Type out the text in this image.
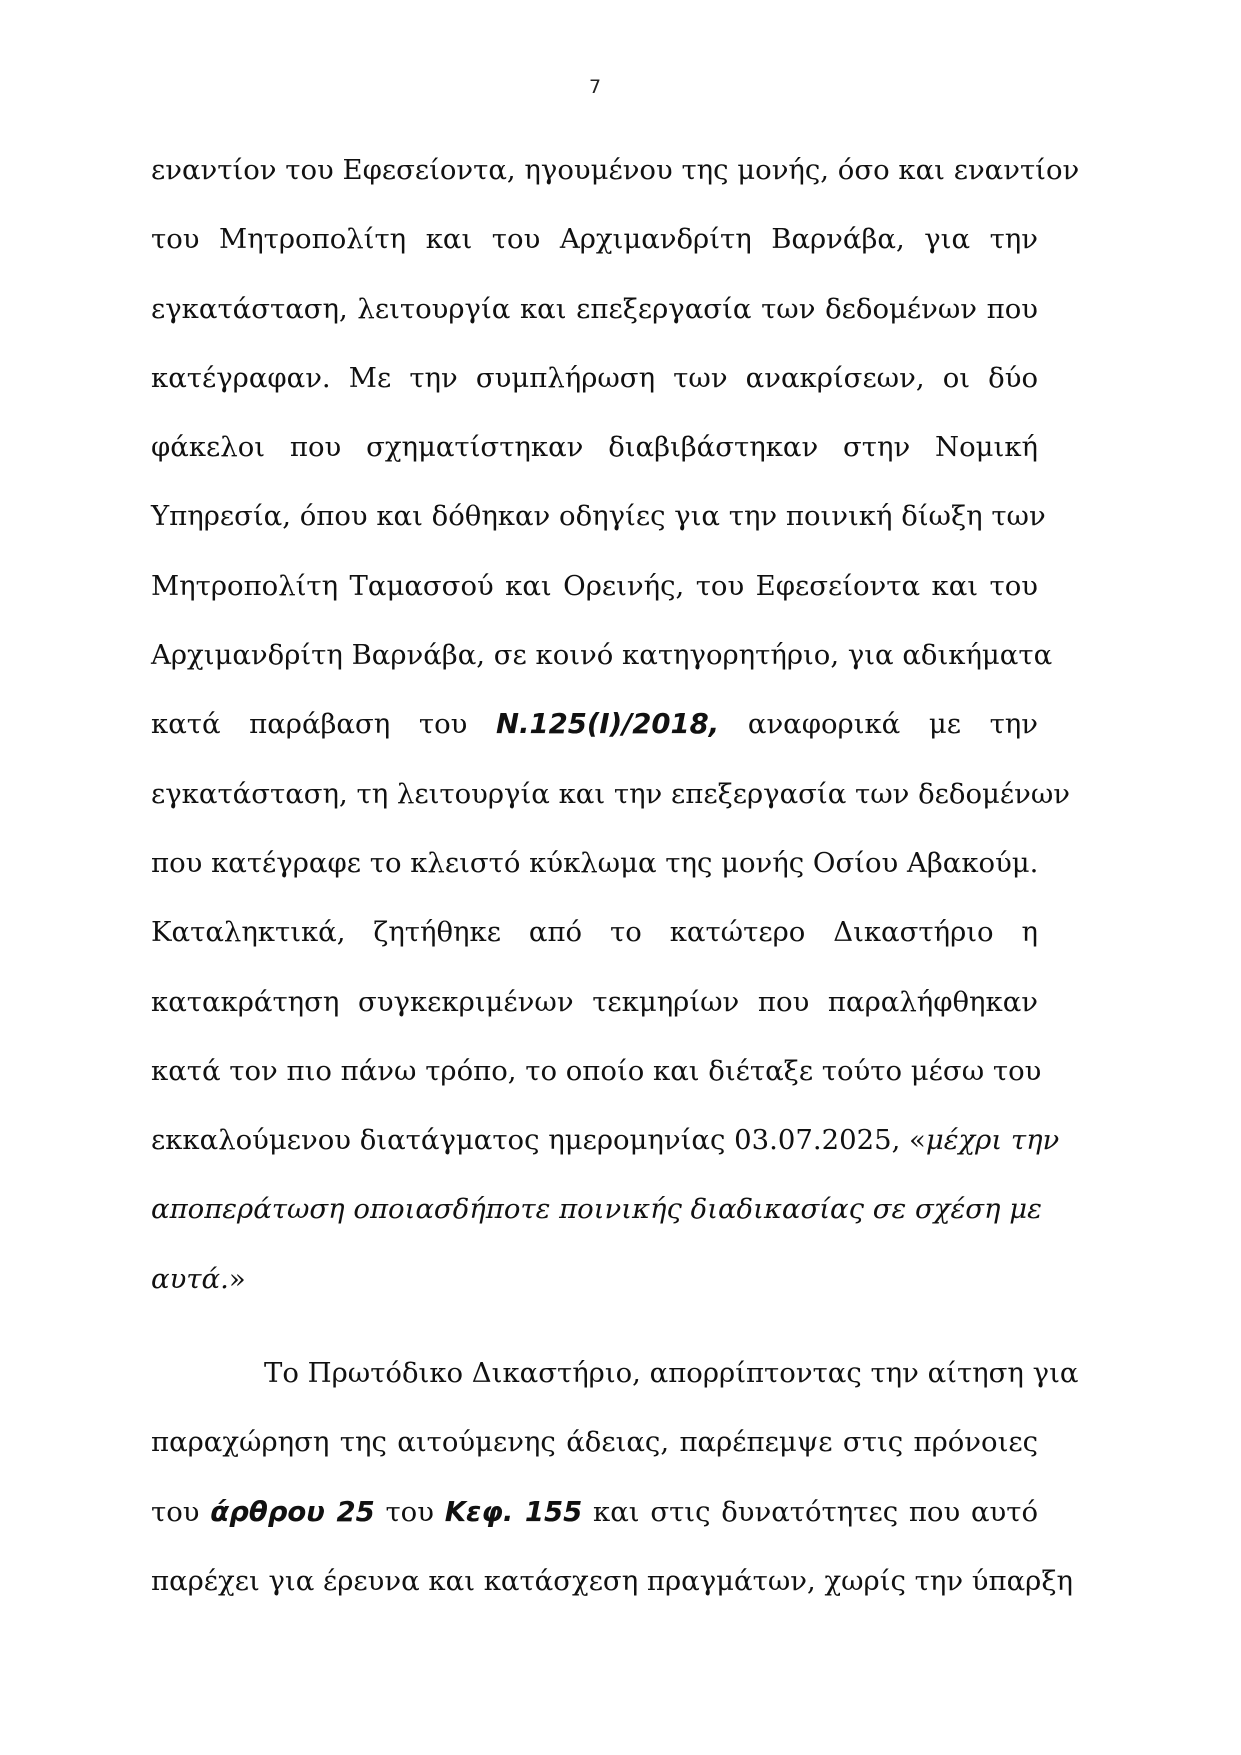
7
εναντίον του Εφεσείοντα, ηγουμένου της μονής, όσο και εναντίον
του Μητροπολίτη και του Αρχιμανδρίτη Βαρνάβα, για την
εγκατάσταση, λειτουργία και επεξεργασία των δεδομένων που
κατέγραφαν. Με την συμπλήρωση των ανακρίσεων, οι δύο
φάκελοι που σχηματίστηκαν διαβιβάστηκαν στην Νομική
Υπηρεσία, όπου και δόθηκαν οδηγίες για την ποινική δίωξη των
Μητροπολίτη Ταμασσού και Ορεινής, του Εφεσείοντα και του
Αρχιμανδρίτη Βαρνάβα, σε κοινό κατηγορητήριο, για αδικήματα
κατά παράβαση του Ν.125(Ι)/2018, αναφορικά με την
εγκατάσταση, τη λειτουργία και την επεξεργασία των δεδομένων
που κατέγραφε το κλειστό κύκλωμα της μονής Οσίου Αβακούμ.
Καταληκτικά, ζητήθηκε από το κατώτερο Δικαστήριο η
κατακράτηση συγκεκριμένων τεκμηρίων που παραλήφθηκαν
κατά τον πιο πάνω τρόπο, το οποίο και διέταξε τούτο μέσω του
εκκαλούμενου διατάγματος ημερομηνίας 03.07.2025, «μέχρι την
αποπεράτωση οποιασδήποτε ποινικής διαδικασίας σε σχέση με
αυτά.»
Το Πρωτόδικο Δικαστήριο, απορρίπτοντας την αίτηση για
παραχώρηση της αιτούμενης άδειας, παρέπεμψε στις πρόνοιες
του άρθρου 25 του Κεφ. 155 και στις δυνατότητες που αυτό
παρέχει για έρευνα και κατάσχεση πραγμάτων, χωρίς την ύπαρξη
